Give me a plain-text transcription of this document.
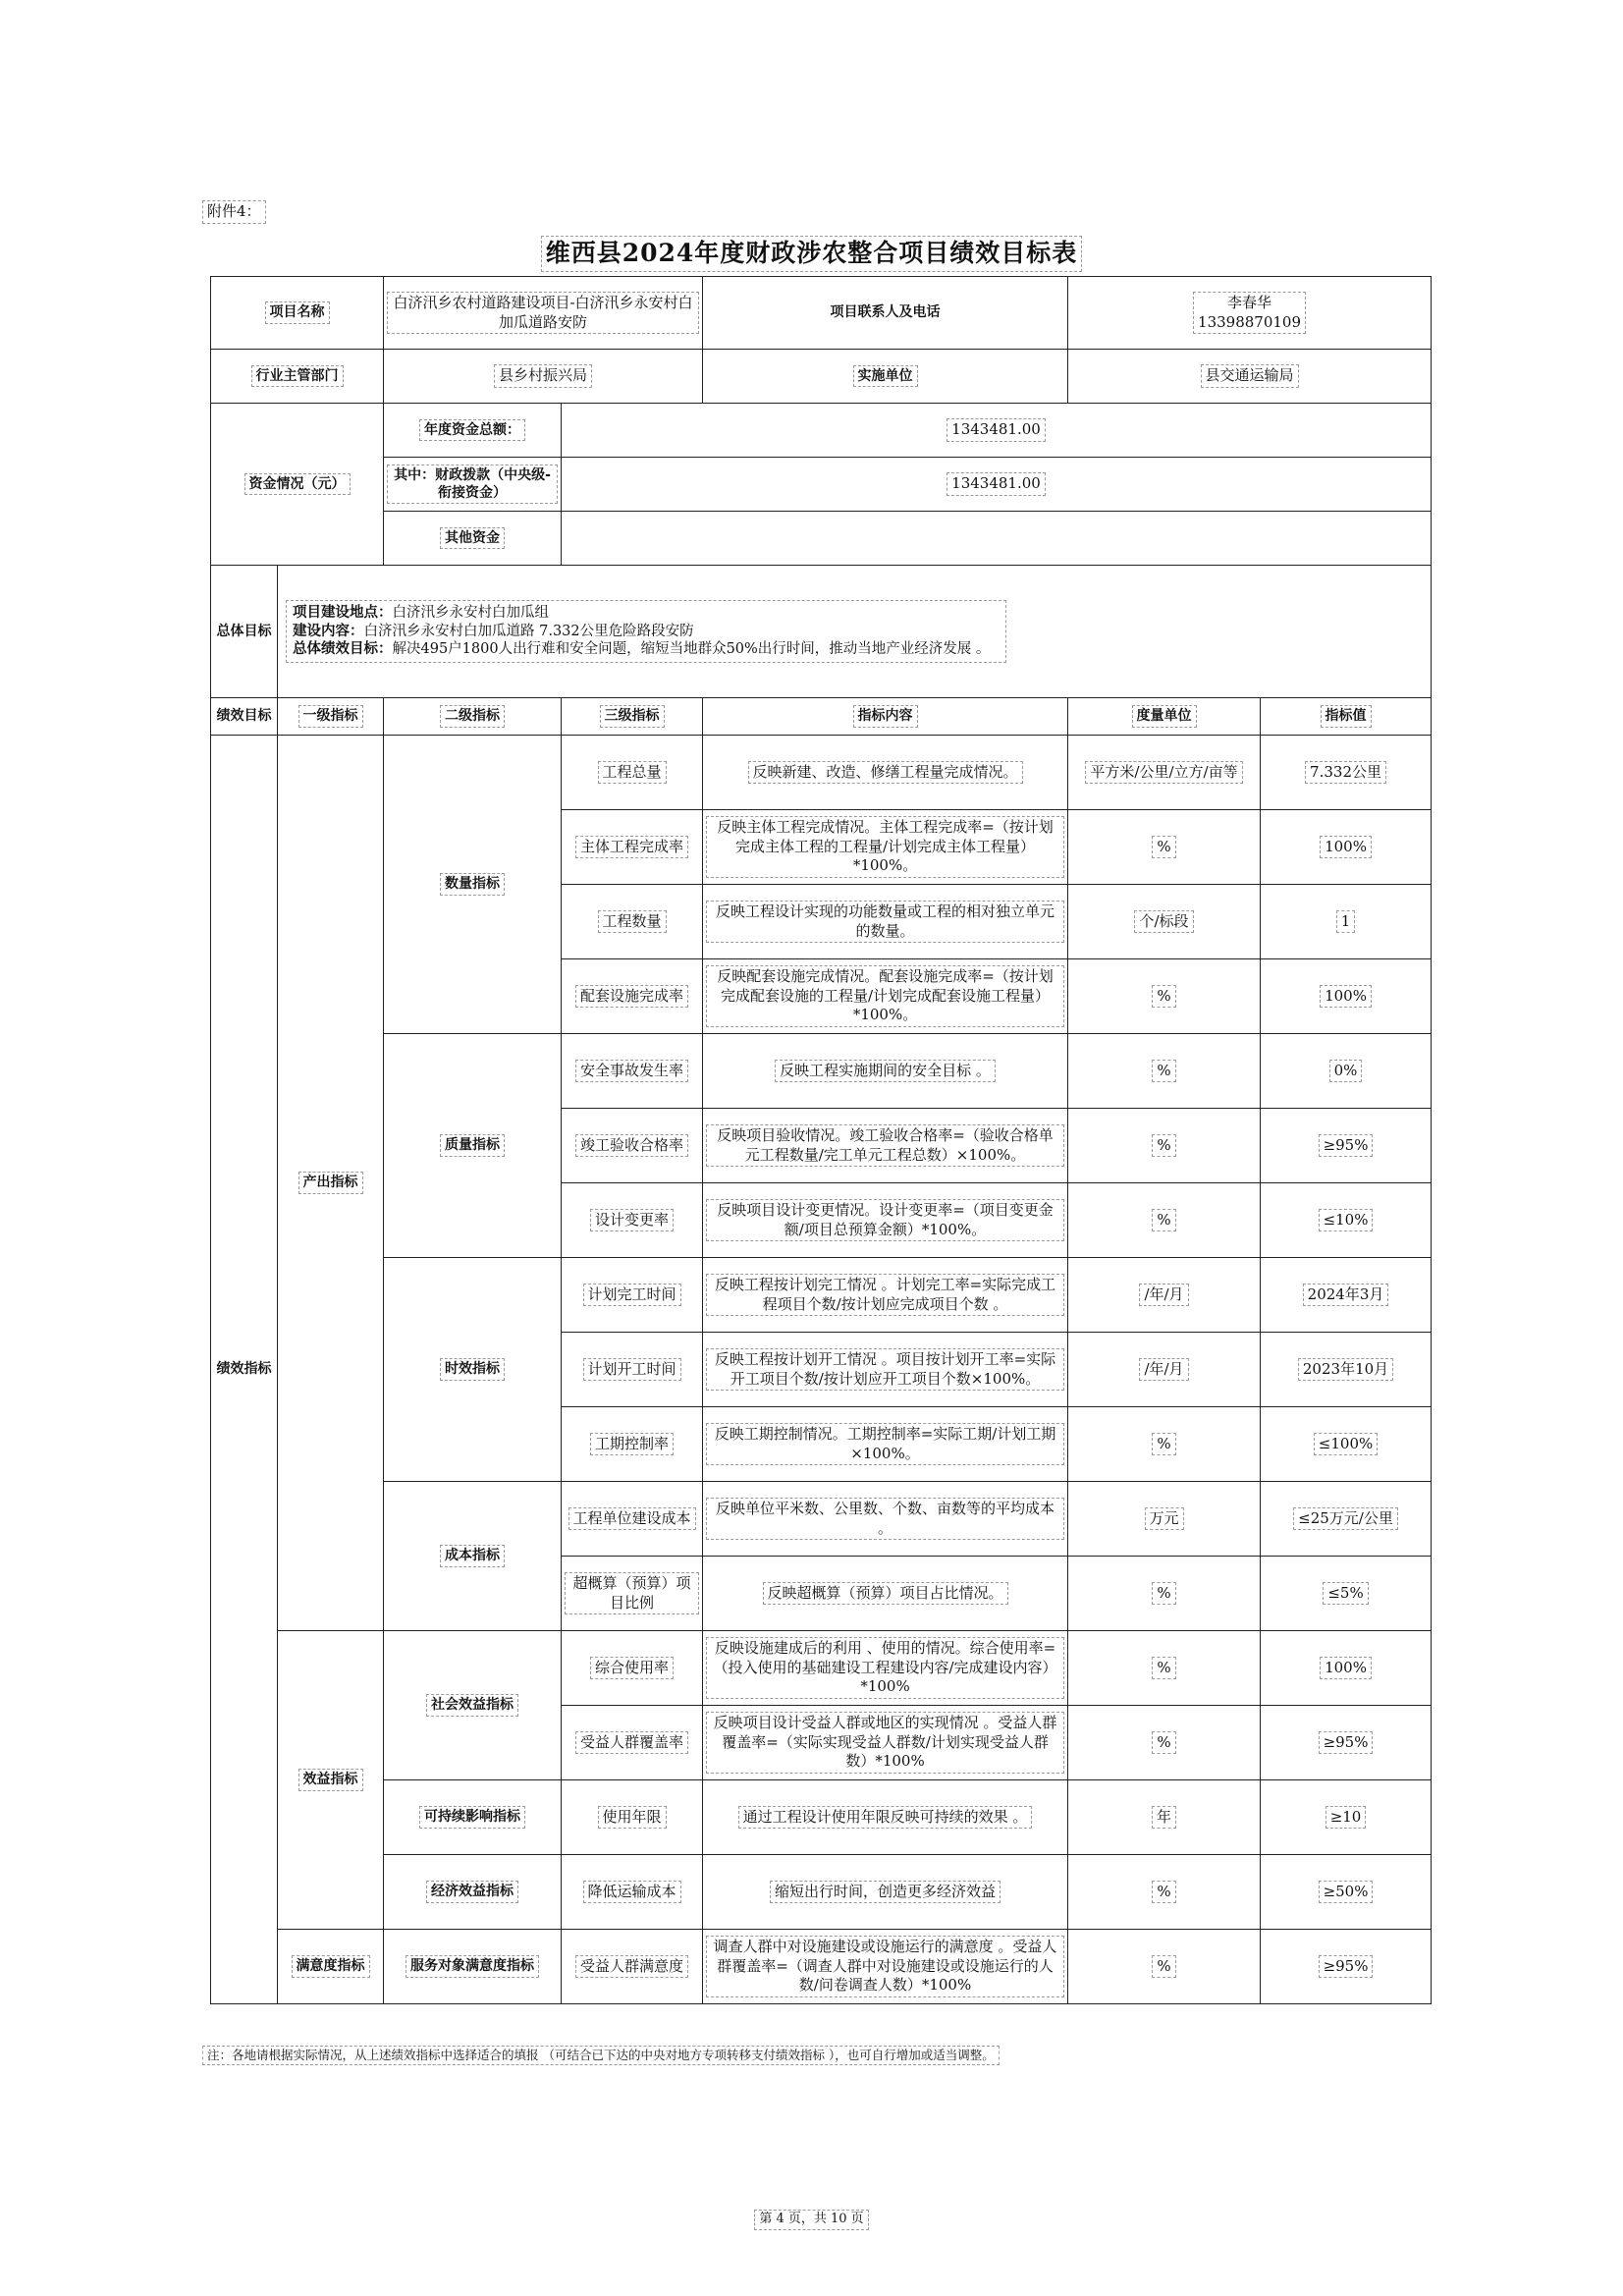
附件4：
维西县2024年度财政涉农整合项目绩效目标表
项目名称		白济汛乡农村道路建设项目-白济汛乡永安村白加瓜道路安防		项目联系人及电话	李春华
13398870109	
行业主管部门		县乡村振兴局		实施单位	县交通运输局	
资金情况（元）		年度资金总额：	1343481.00			
		其中：财政拨款（中央级-衔接资金）	1343481.00			
		其他资金				
总体目标	项目建设地点：白济汛乡永安村白加瓜组
建设内容：白济汛乡永安村白加瓜道路 7.332公里危险路段安防
总体绩效目标：解决495户1800人出行难和安全问题，缩短当地群众50%出行时间，推动当地产业经济发展 。					

绩效目标	一级指标	二级指标	三级指标	指标内容	度量单位	指标值
绩效指标	产出指标	数量指标	工程总量	反映新建、改造、修缮工程量完成情况。	平方米/公里/立方/亩等	7.332公里
			主体工程完成率	反映主体工程完成情况。主体工程完成率=（按计划完成主体工程的工程量/计划完成主体工程量）*100%。	%	100%
			工程数量	反映工程设计实现的功能数量或工程的相对独立单元的数量。	个/标段	1
			配套设施完成率	反映配套设施完成情况。配套设施完成率=（按计划完成配套设施的工程量/计划完成配套设施工程量）*100%。	%	100%
		质量指标	安全事故发生率	反映工程实施期间的安全目标 。	%	0%
			竣工验收合格率	反映项目验收情况。竣工验收合格率=（验收合格单元工程数量/完工单元工程总数）×100%。	%	≥95%
			设计变更率	反映项目设计变更情况。设计变更率=（项目变更金额/项目总预算金额）*100%。	%	≤10%
		时效指标	计划完工时间	反映工程按计划完工情况 。计划完工率=实际完成工程项目个数/按计划应完成项目个数 。	/年/月	2024年3月
			计划开工时间	反映工程按计划开工情况 。项目按计划开工率=实际开工项目个数/按计划应开工项目个数×100%。	/年/月	2023年10月
			工期控制率	反映工期控制情况。工期控制率=实际工期/计划工期×100%。	%	≤100%
		成本指标	工程单位建设成本	反映单位平米数、公里数、个数、亩数等的平均成本 。	万元	≤25万元/公里
			超概算（预算）项目比例	反映超概算（预算）项目占比情况。	%	≤5%
	效益指标	社会效益指标	综合使用率	反映设施建成后的利用 、使用的情况。综合使用率=（投入使用的基础建设工程建设内容/完成建设内容）*100%	%	100%
			受益人群覆盖率	反映项目设计受益人群或地区的实现情况 。受益人群覆盖率=（实际实现受益人群数/计划实现受益人群数）*100%	%	≥95%
		可持续影响指标	使用年限	通过工程设计使用年限反映可持续的效果 。	年	≥10
		经济效益指标	降低运输成本	缩短出行时间，创造更多经济效益	%	≥50%
	满意度指标	服务对象满意度指标	受益人群满意度	调查人群中对设施建设或设施运行的满意度 。受益人群覆盖率=（调查人群中对设施建设或设施运行的人数/问卷调查人数）*100%	%	≥95%
注：各地请根据实际情况，从上述绩效指标中选择适合的填报 （可结合已下达的中央对地方专项转移支付绩效指标 ），也可自行增加或适当调整。
第 4 页，共 10 页
